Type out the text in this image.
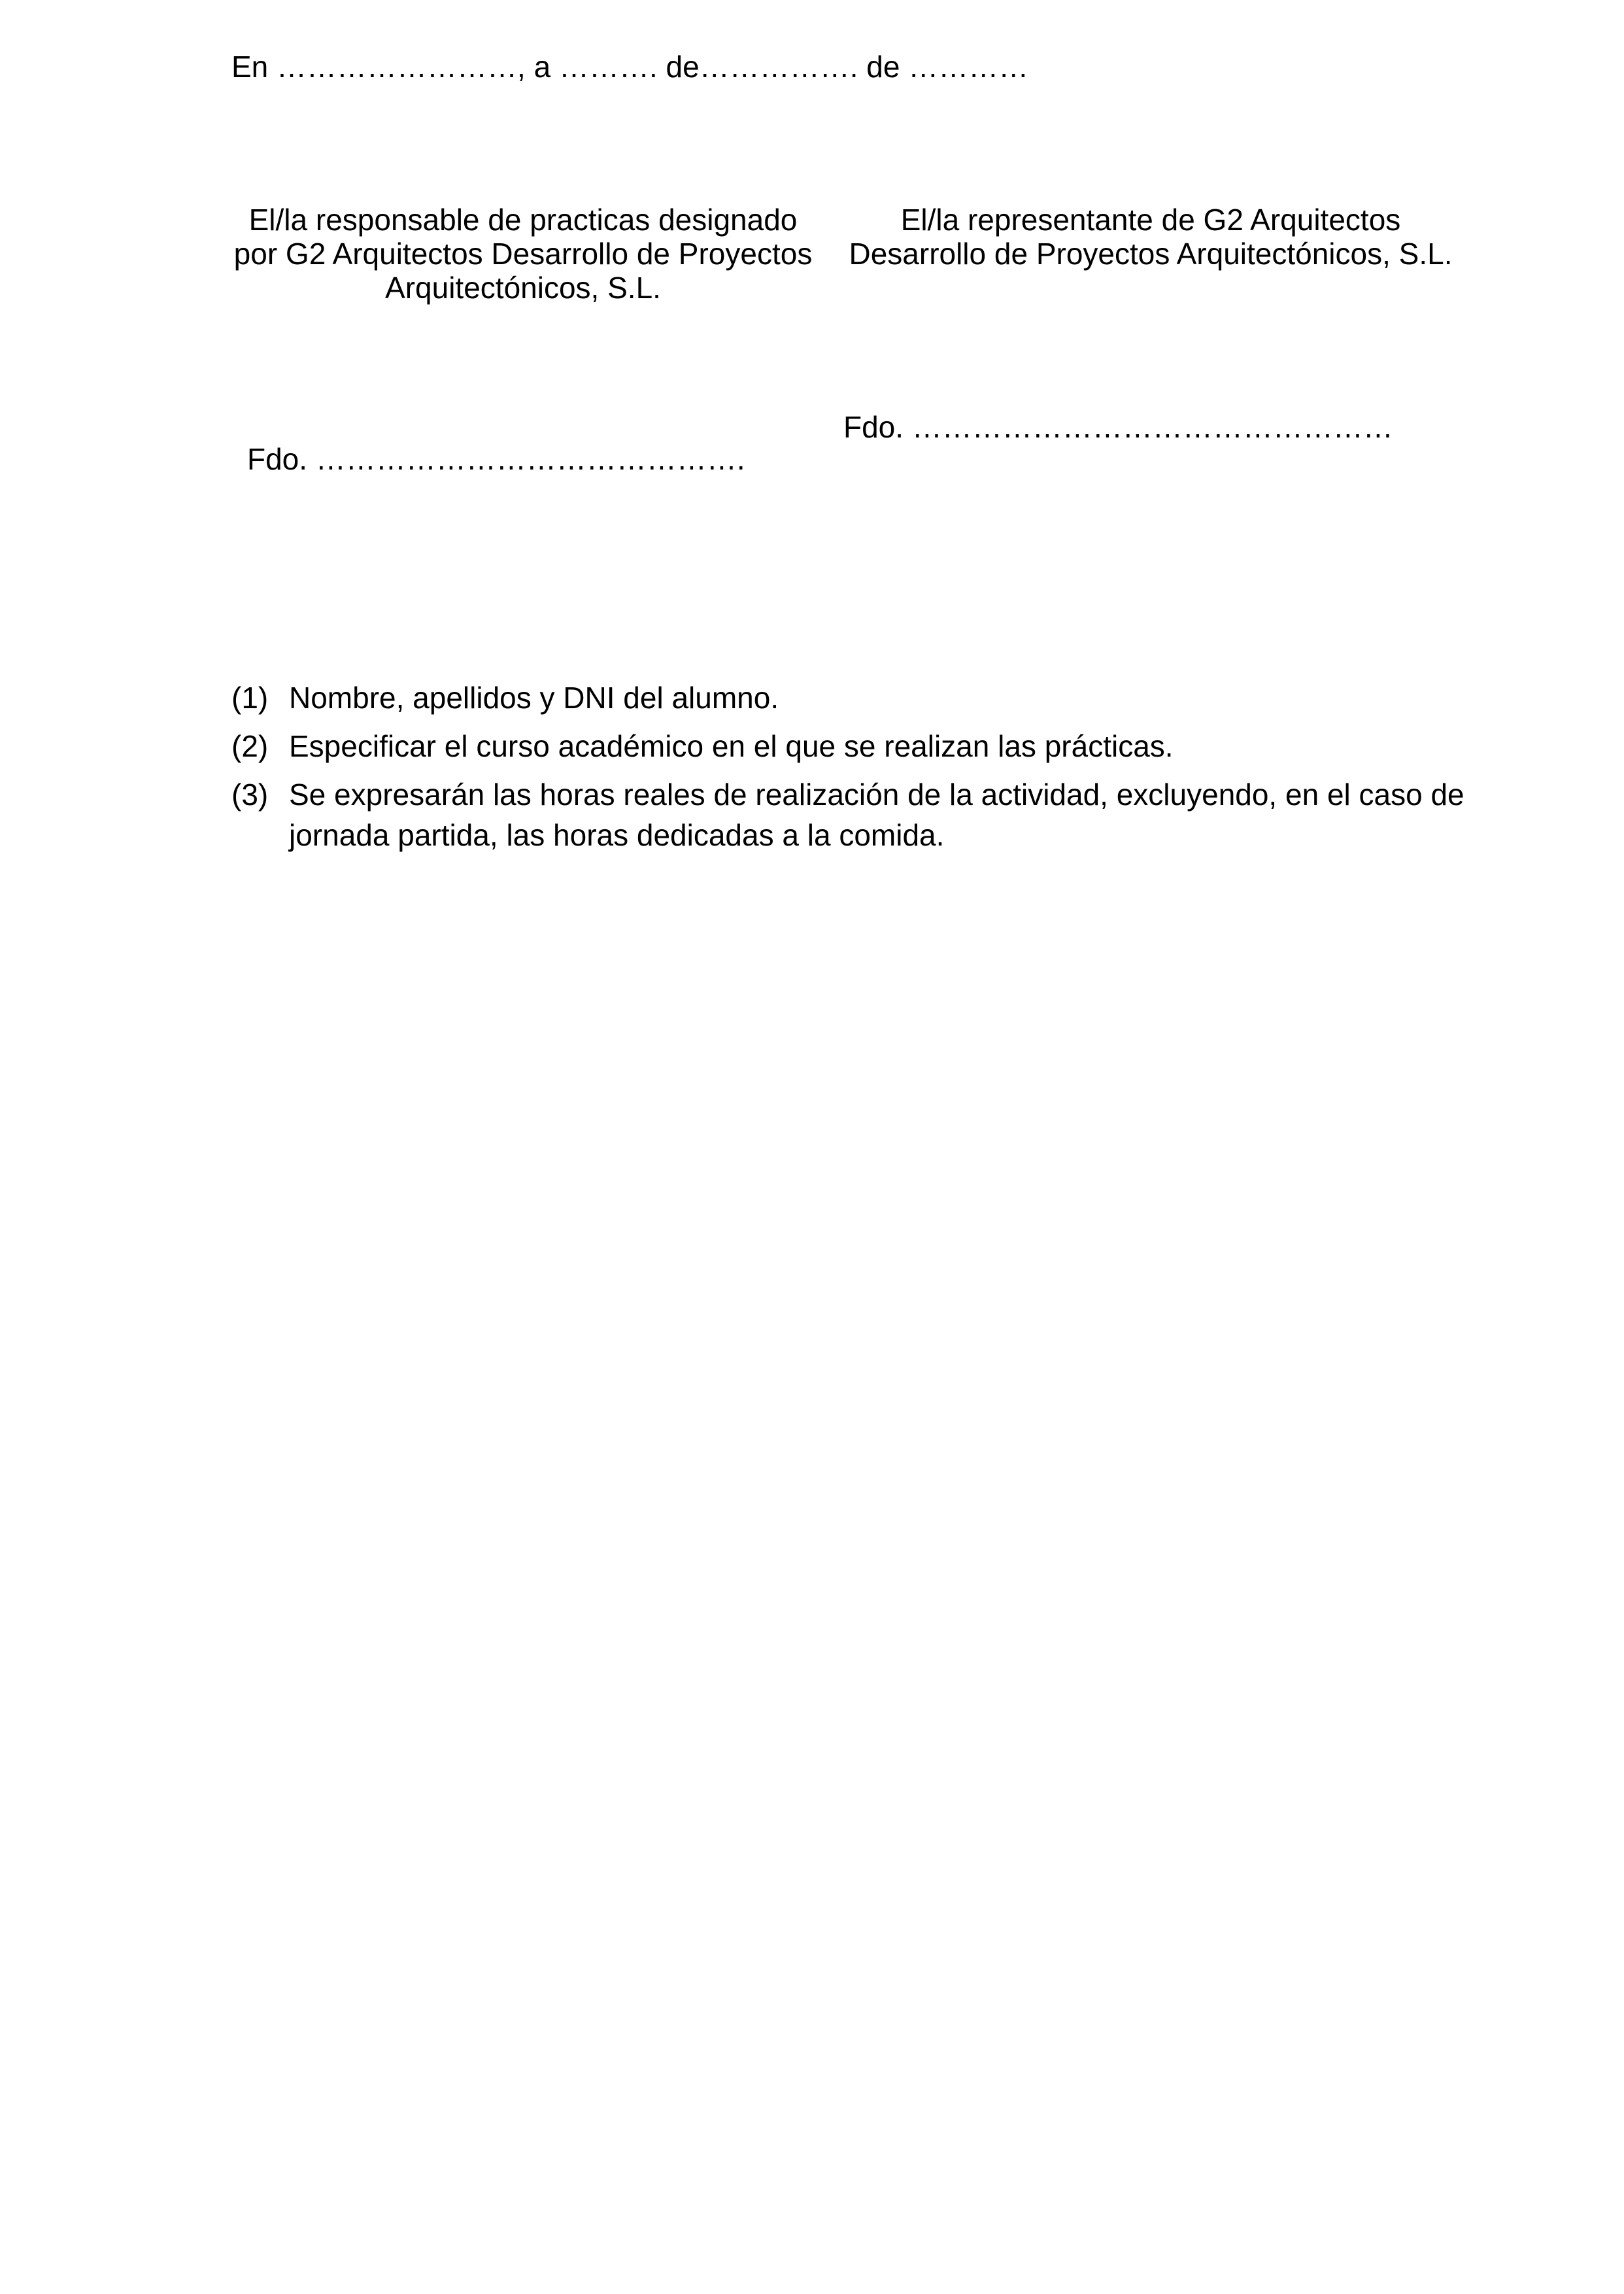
En ……………………, a ………. de……………. de …………
El/la responsable de practicas designado
por G2 Arquitectos Desarrollo de Proyectos
Arquitectónicos, S.L.
El/la representante de G2 Arquitectos
Desarrollo de Proyectos Arquitectónicos, S.L.
Fdo. …………………………………….
Fdo. …………………………………………
(1) Nombre, apellidos y DNI del alumno.
(2) Especificar el curso académico en el que se realizan las prácticas.
(3) Se expresarán las horas reales de realización de la actividad, excluyendo, en el caso de jornada partida, las horas dedicadas a la comida.
